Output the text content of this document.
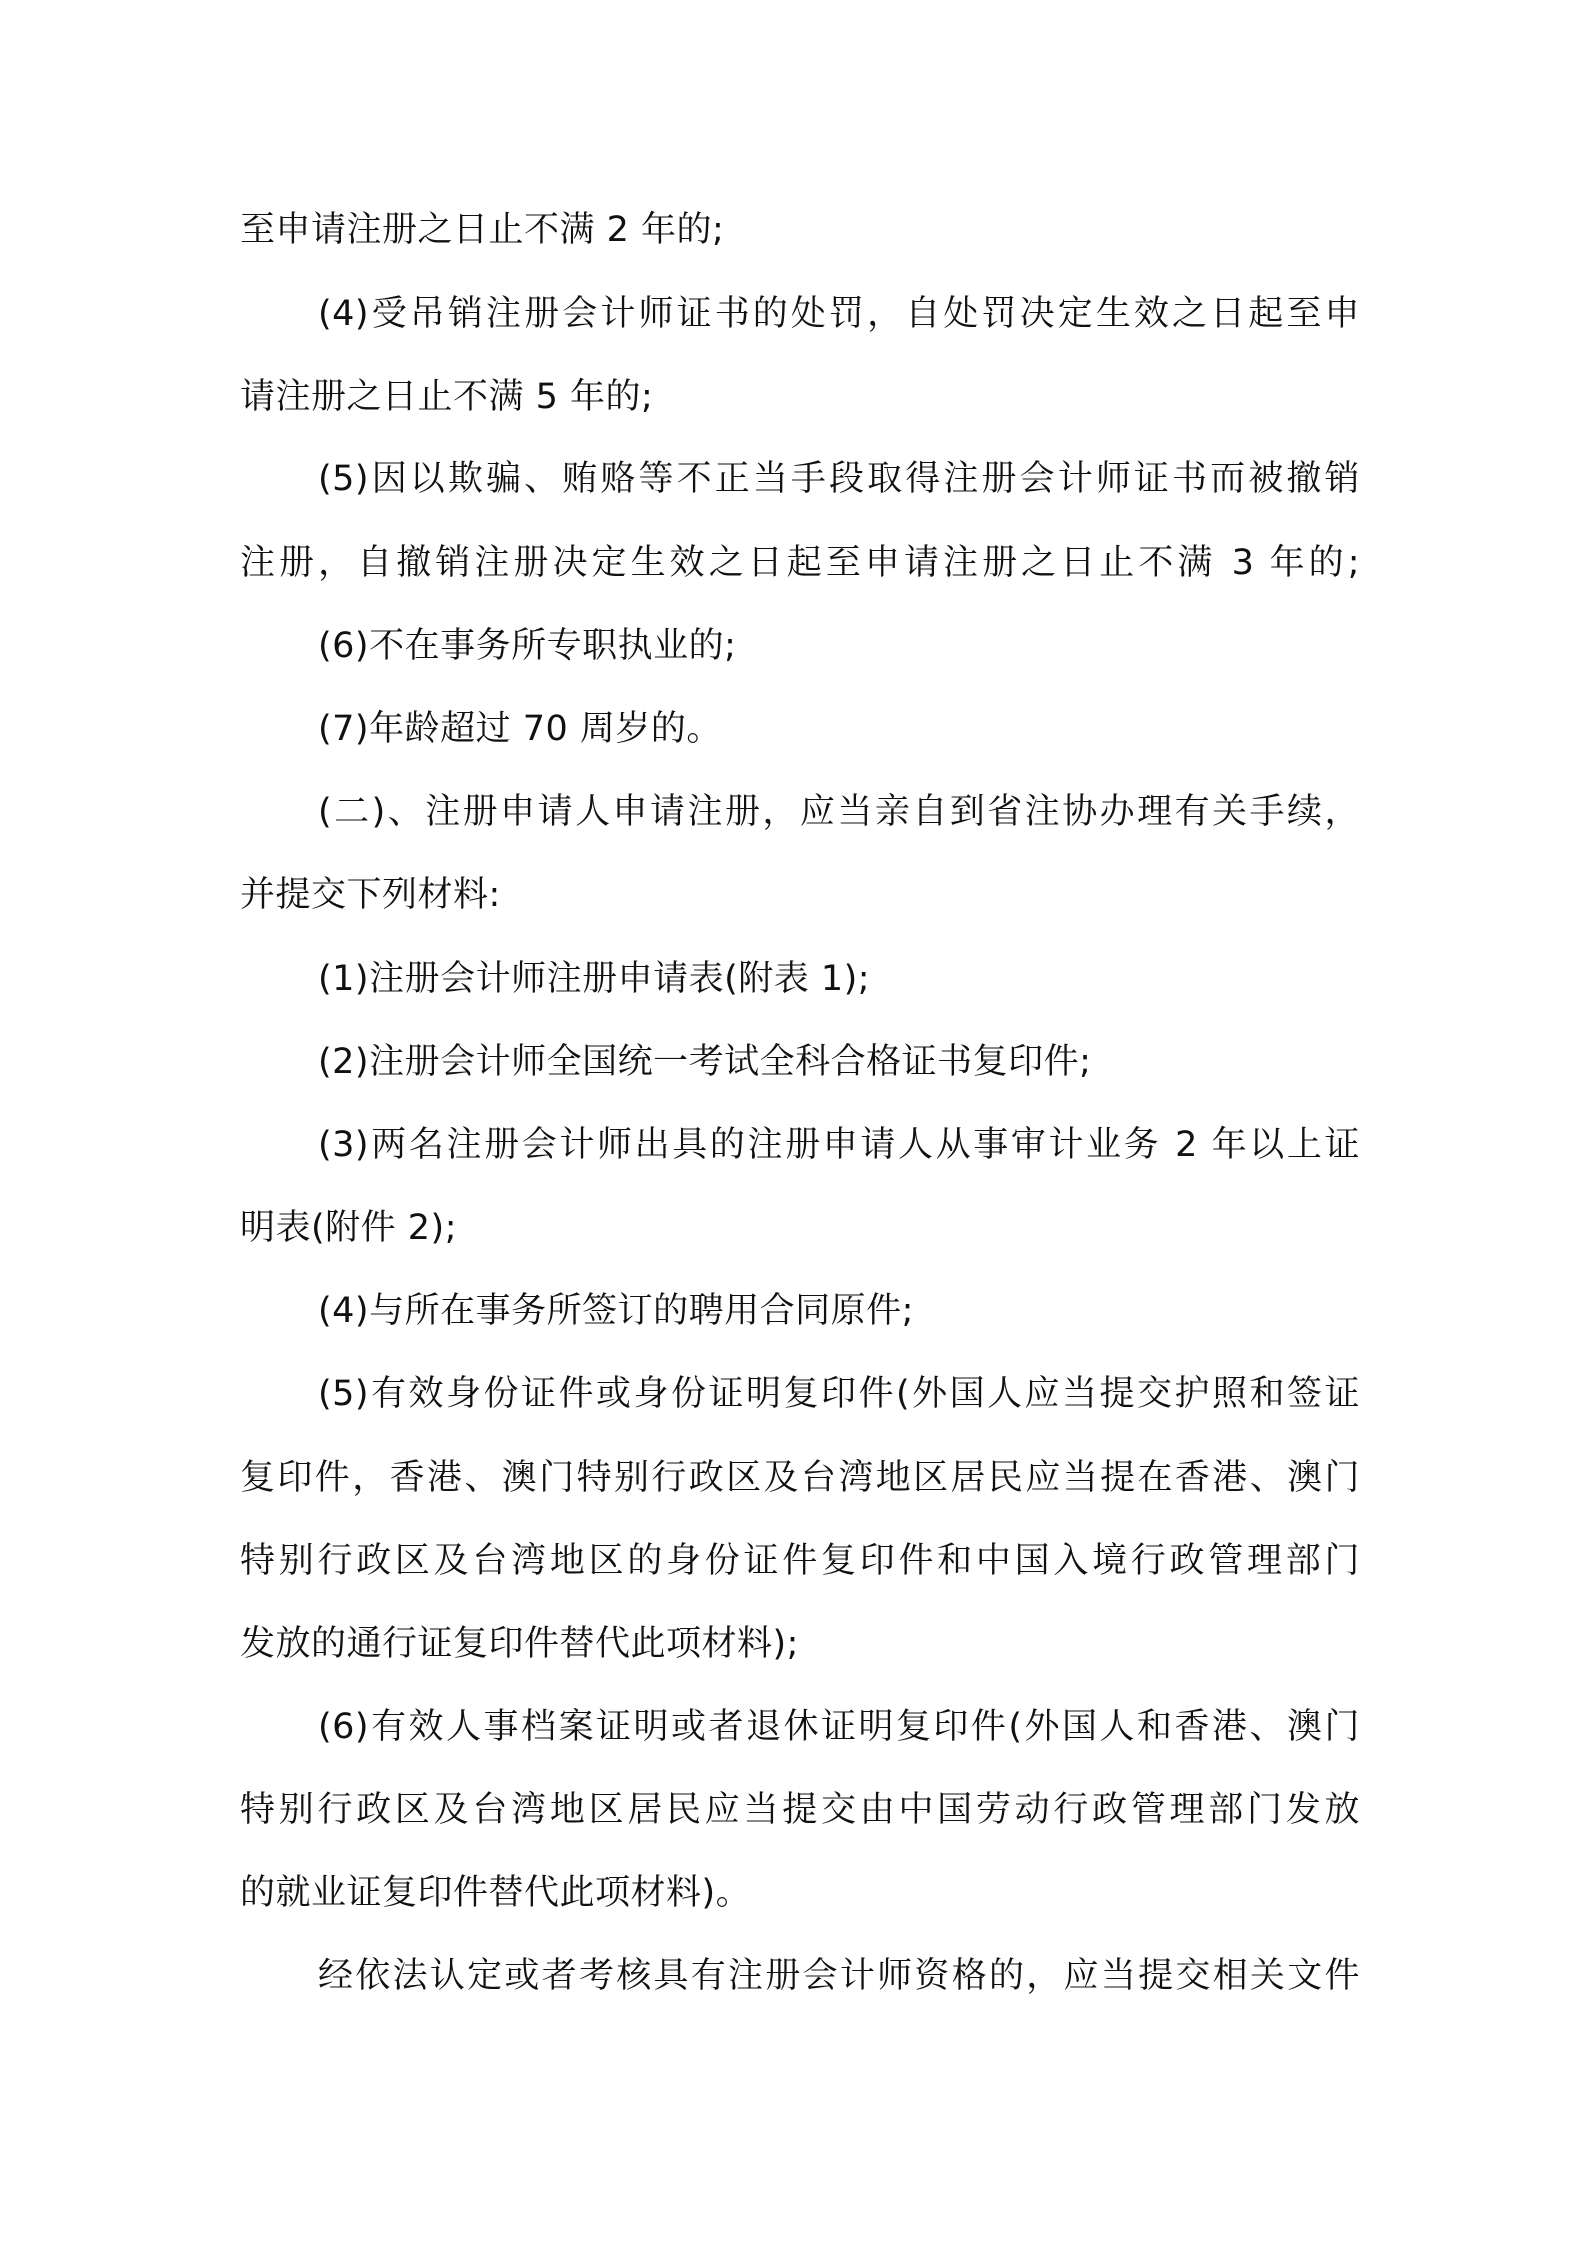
至申请注册之日止不满 2 年的;
(4)受吊销注册会计师证书的处罚，自处罚决定生效之日起至申
请注册之日止不满 5 年的;
(5)因以欺骗、贿赂等不正当手段取得注册会计师证书而被撤销
注册，自撤销注册决定生效之日起至申请注册之日止不满 3 年的;
(6)不在事务所专职执业的;
(7)年龄超过 70 周岁的。
(二)、注册申请人申请注册，应当亲自到省注协办理有关手续，
并提交下列材料:
(1)注册会计师注册申请表(附表 1);
(2)注册会计师全国统一考试全科合格证书复印件;
(3)两名注册会计师出具的注册申请人从事审计业务 2 年以上证
明表(附件 2);
(4)与所在事务所签订的聘用合同原件;
(5)有效身份证件或身份证明复印件(外国人应当提交护照和签证
复印件，香港、澳门特别行政区及台湾地区居民应当提在香港、澳门
特别行政区及台湾地区的身份证件复印件和中国入境行政管理部门
发放的通行证复印件替代此项材料);
(6)有效人事档案证明或者退休证明复印件(外国人和香港、澳门
特别行政区及台湾地区居民应当提交由中国劳动行政管理部门发放
的就业证复印件替代此项材料)。
经依法认定或者考核具有注册会计师资格的，应当提交相关文件
